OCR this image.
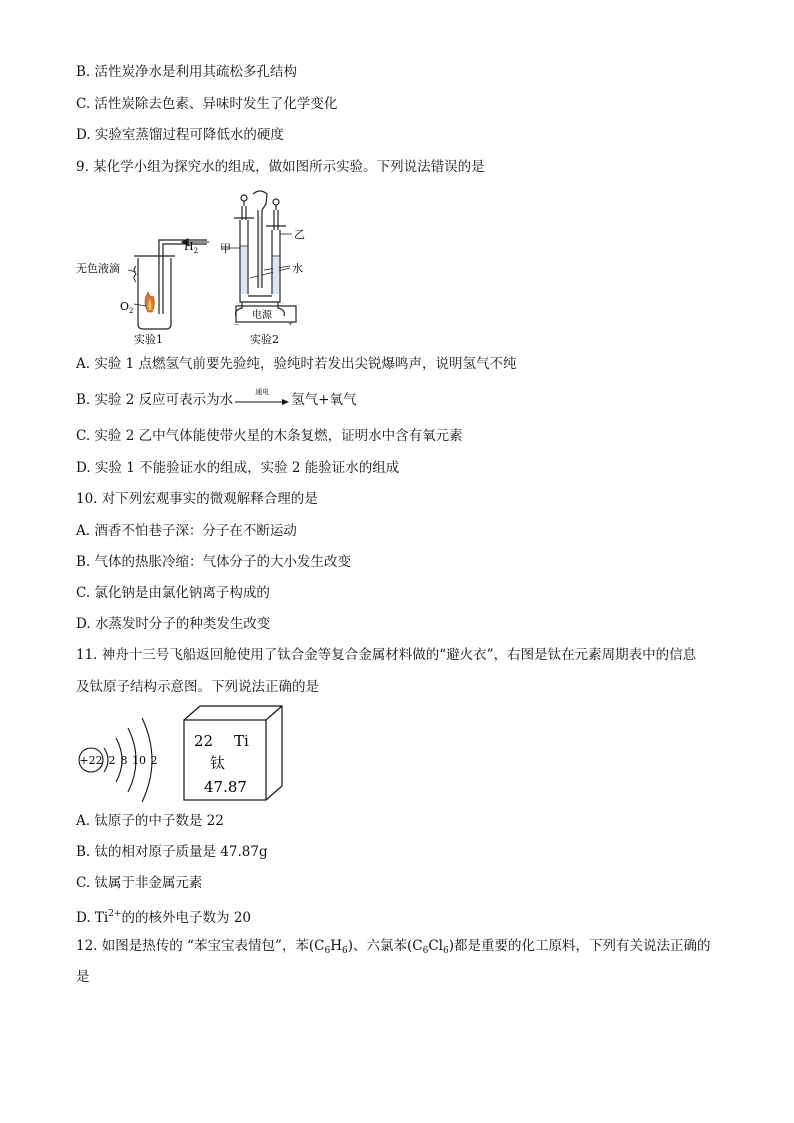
B. 活性炭净水是利用其疏松多孔结构
C. 活性炭除去色素、异味时发生了化学变化
D. 实验室蒸馏过程可降低水的硬度
9. 某化学小组为探究水的组成，做如图所示实验。下列说法错误的是
$H_2$
无色液滴
$O_2$
实验1
−	+
甲
乙
水
电源
实验2
A. 实验 1 点燃氢气前要先验纯，验纯时若发出尖锐爆鸣声，说明氢气不纯
B. 实验 2 反应可表示为水
通电
氢气+氧气
C. 实验 2 乙中气体能使带火星的木条复燃，证明水中含有氧元素
D. 实验 1 不能验证水的组成，实验 2 能验证水的组成
10. 对下列宏观事实的微观解释合理的是
A. 酒香不怕巷子深：分子在不断运动
B. 气体的热胀冷缩：气体分子的大小发生改变
C. 氯化钠是由氯化钠离子构成的
D. 水蒸发时分子的种类发生改变
11. 神舟十三号飞船返回舱使用了钛合金等复合金属材料做的“避火衣”，右图是钛在元素周期表中的信息
及钛原子结构示意图。下列说法正确的是
+22 2 8 10 2
22 Ti
钛
47.87
A. 钛原子的中子数是 22
B. 钛的相对原子质量是 47.87g
C. 钛属于非金属元素
D. $Ti^{2+}$的的核外电子数为 20
12. 如图是热传的 “苯宝宝表情包”，苯$(C_6H_6)$、六氯苯$(C_6Cl_6)$都是重要的化工原料，下列有关说法正确的
是
